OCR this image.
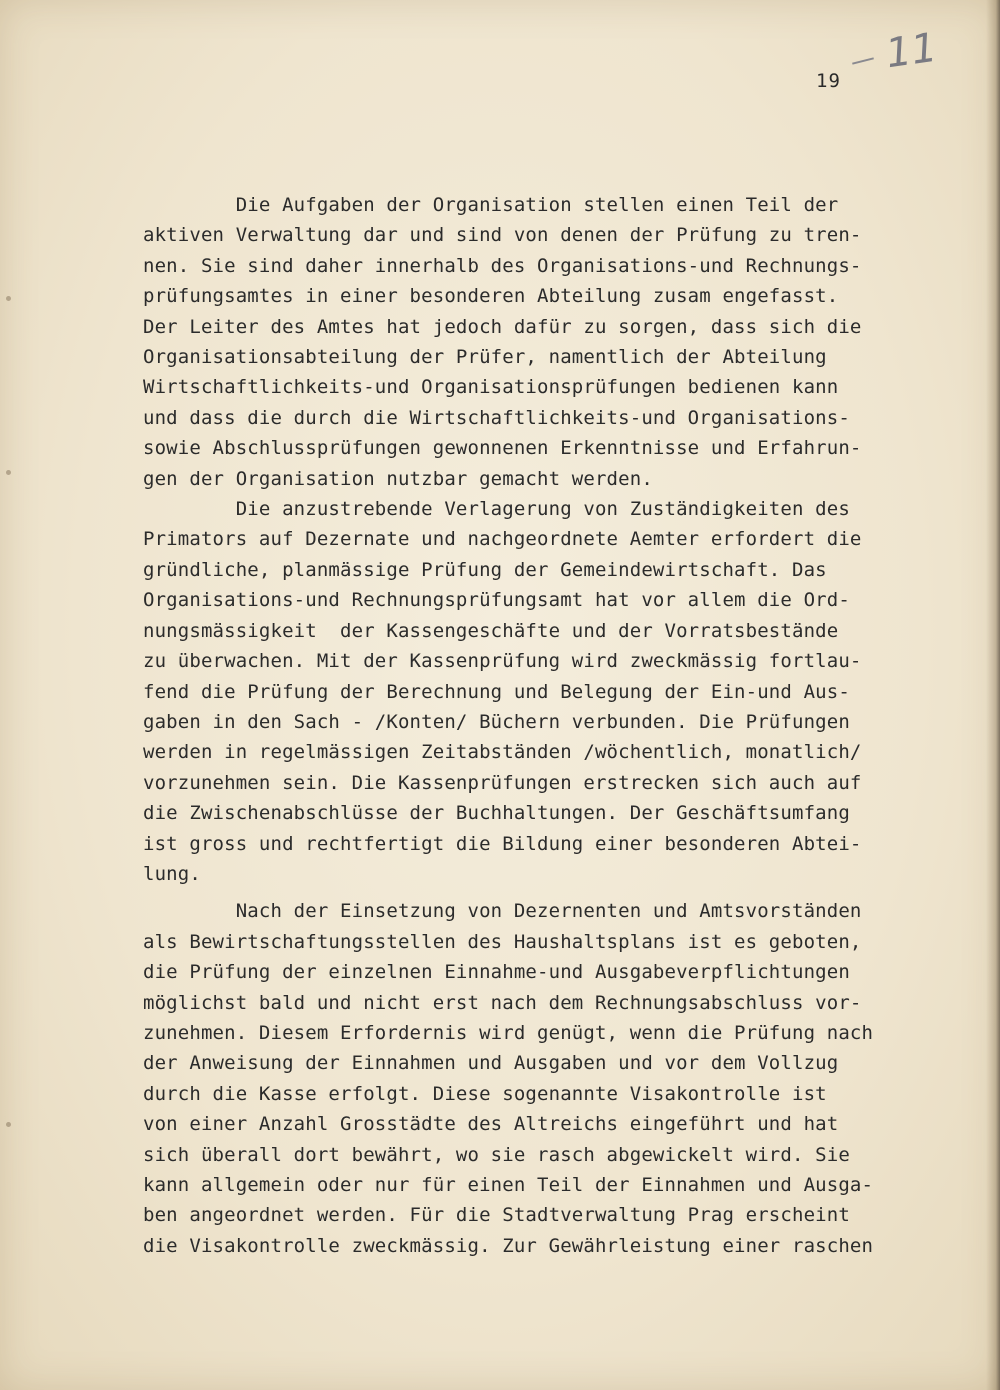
11
19
Die Aufgaben der Organisation stellen einen Teil der
aktiven Verwaltung dar und sind von denen der Prüfung zu tren-
nen. Sie sind daher innerhalb des Organisations-und Rechnungs-
prüfungsamtes in einer besonderen Abteilung zusam engefasst.
Der Leiter des Amtes hat jedoch dafür zu sorgen, dass sich die
Organisationsabteilung der Prüfer, namentlich der Abteilung
Wirtschaftlichkeits-und Organisationsprüfungen bedienen kann
und dass die durch die Wirtschaftlichkeits-und Organisations-
sowie Abschlussprüfungen gewonnenen Erkenntnisse und Erfahrun-
gen der Organisation nutzbar gemacht werden.
Die anzustrebende Verlagerung von Zuständigkeiten des
Primators auf Dezernate und nachgeordnete Aemter erfordert die
gründliche, planmässige Prüfung der Gemeindewirtschaft. Das
Organisations-und Rechnungsprüfungsamt hat vor allem die Ord-
nungsmässigkeit  der Kassengeschäfte und der Vorratsbestände
zu überwachen. Mit der Kassenprüfung wird zweckmässig fortlau-
fend die Prüfung der Berechnung und Belegung der Ein-und Aus-
gaben in den Sach - /Konten/ Büchern verbunden. Die Prüfungen
werden in regelmässigen Zeitabständen /wöchentlich, monatlich/
vorzunehmen sein. Die Kassenprüfungen erstrecken sich auch auf
die Zwischenabschlüsse der Buchhaltungen. Der Geschäftsumfang
ist gross und rechtfertigt die Bildung einer besonderen Abtei-
lung.
Nach der Einsetzung von Dezernenten und Amtsvorständen
als Bewirtschaftungsstellen des Haushaltsplans ist es geboten,
die Prüfung der einzelnen Einnahme-und Ausgabeverpflichtungen
möglichst bald und nicht erst nach dem Rechnungsabschluss vor-
zunehmen. Diesem Erfordernis wird genügt, wenn die Prüfung nach
der Anweisung der Einnahmen und Ausgaben und vor dem Vollzug
durch die Kasse erfolgt. Diese sogenannte Visakontrolle ist
von einer Anzahl Grosstädte des Altreichs eingeführt und hat
sich überall dort bewährt, wo sie rasch abgewickelt wird. Sie
kann allgemein oder nur für einen Teil der Einnahmen und Ausga-
ben angeordnet werden. Für die Stadtverwaltung Prag erscheint
die Visakontrolle zweckmässig. Zur Gewährleistung einer raschen
